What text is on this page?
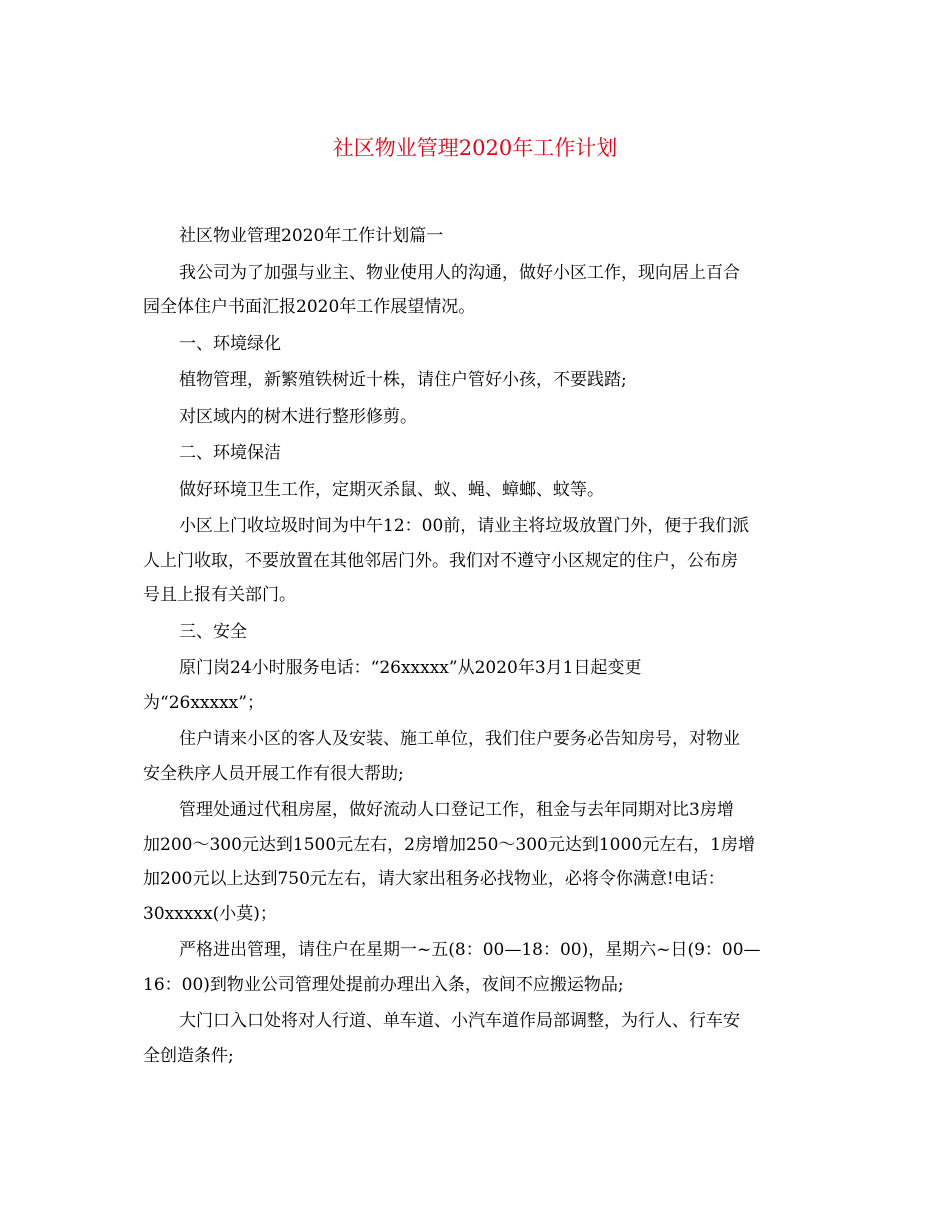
社区物业管理2020年工作计划

社区物业管理2020年工作计划篇一

我公司为了加强与业主、物业使用人的沟通，做好小区工作，现向居上百合
园全体住户书面汇报2020年工作展望情况。

一、环境绿化

植物管理，新繁殖铁树近十株，请住户管好小孩，不要践踏;

对区域内的树木进行整形修剪。

二、环境保洁

做好环境卫生工作，定期灭杀鼠、蚁、蝇、蟑螂、蚊等。

小区上门收垃圾时间为中午12：00前，请业主将垃圾放置门外，便于我们派
人上门收取，不要放置在其他邻居门外。我们对不遵守小区规定的住户，公布房
号且上报有关部门。

三、安全

原门岗24小时服务电话：“26xxxxx”从2020年3月1日起变更
为“26xxxxx”；

住户请来小区的客人及安装、施工单位，我们住户要务必告知房号，对物业
安全秩序人员开展工作有很大帮助;

管理处通过代租房屋，做好流动人口登记工作，租金与去年同期对比3房增
加200～300元达到1500元左右，2房增加250～300元达到1000元左右，1房增
加200元以上达到750元左右，请大家出租务必找物业，必将令你满意!电话：
30xxxxx(小莫)；

严格进出管理，请住户在星期一~五(8：00—18：00)，星期六~日(9：00—
16：00)到物业公司管理处提前办理出入条，夜间不应搬运物品;

大门口入口处将对人行道、单车道、小汽车道作局部调整，为行人、行车安
全创造条件;
